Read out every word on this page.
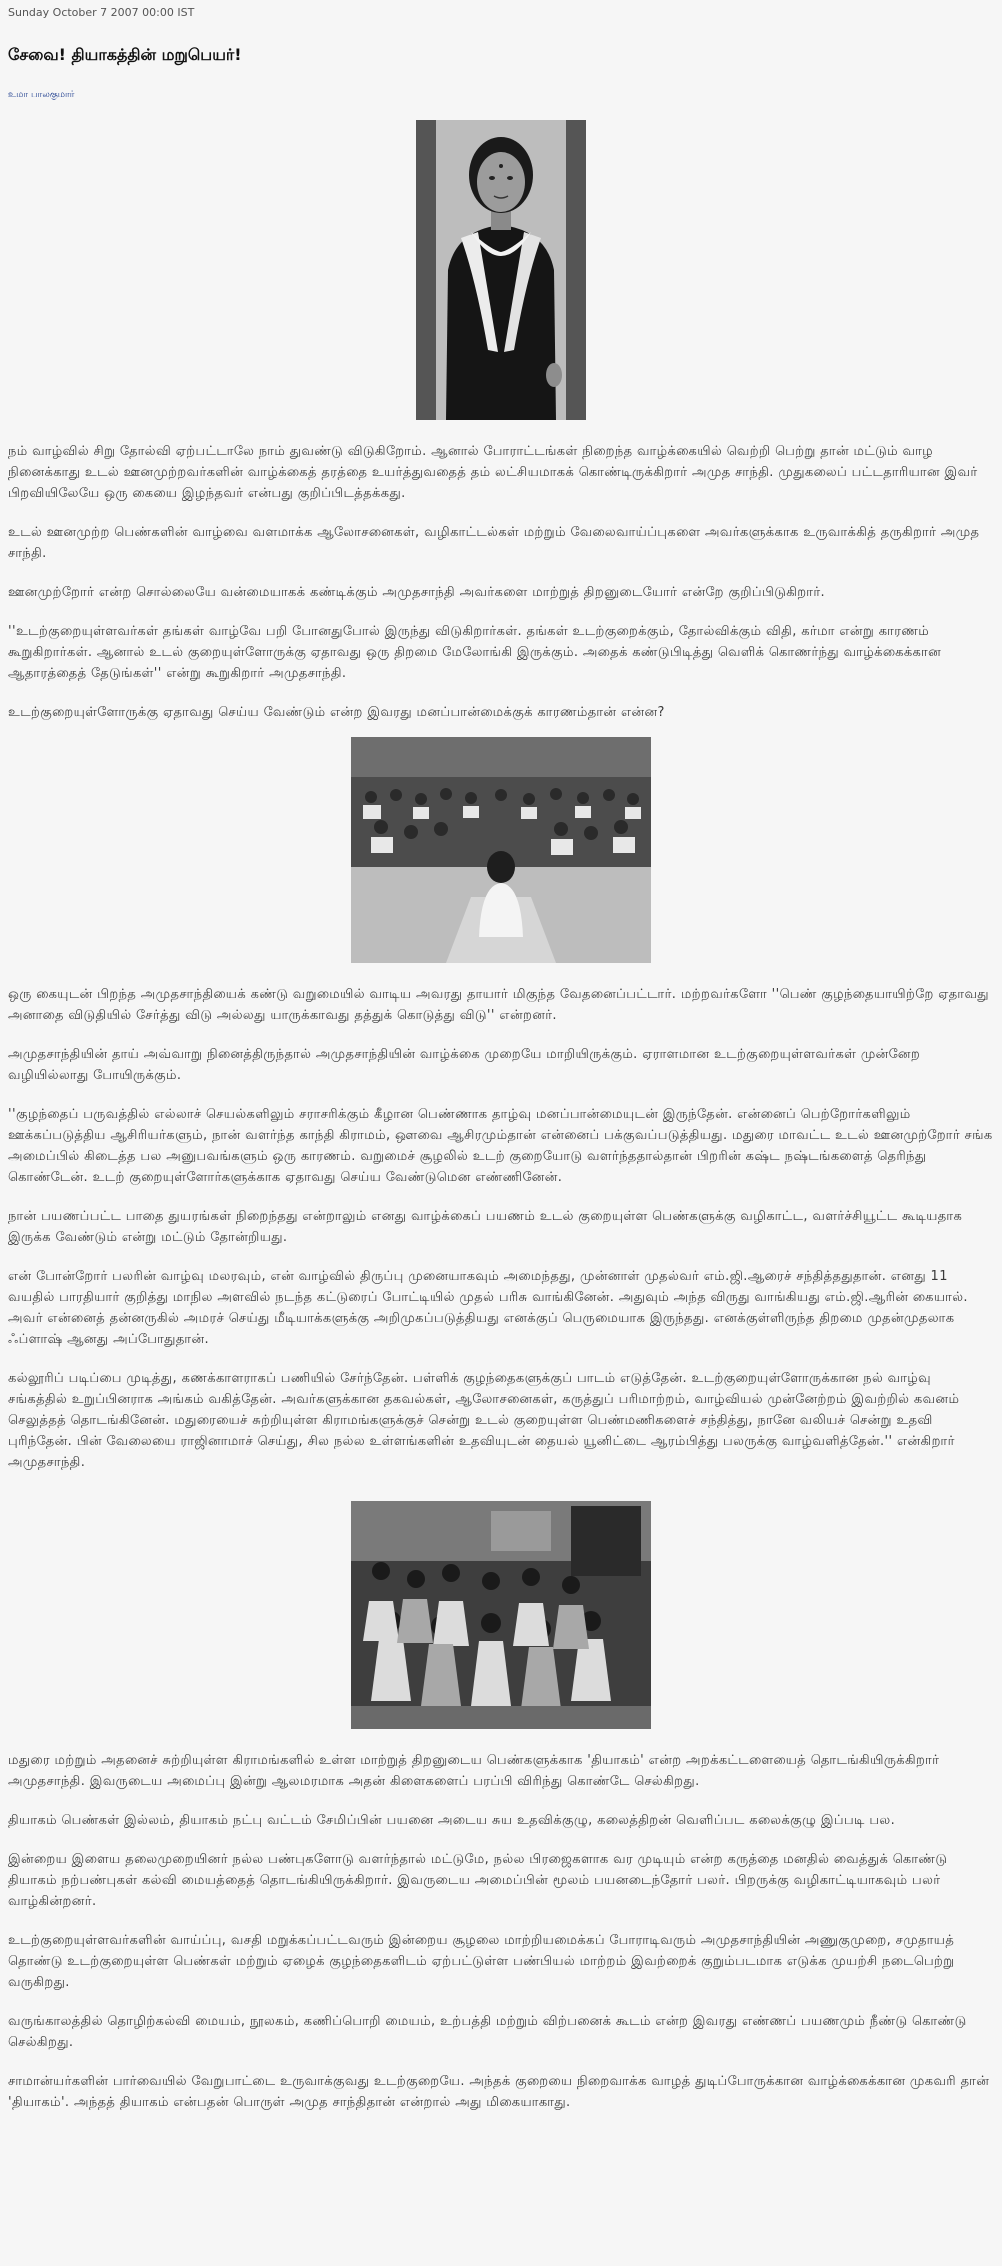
Sunday October 7 2007 00:00 IST
சேவை! தியாகத்தின் மறுபெயர்!
உமா பாலகுமார்

நம் வாழ்வில் சிறு தோல்வி ஏற்பட்டாலே நாம் துவண்டு விடுகிறோம். ஆனால் போராட்டங்கள் நிறைந்த வாழ்க்கையில் வெற்றி பெற்று தான் மட்டும் வாழ நினைக்காது உடல் ஊனமுற்றவர்களின் வாழ்க்கைத் தரத்தை உயர்த்துவதைத் தம் லட்சியமாகக் கொண்டிருக்கிறார் அமுத சாந்தி. முதுகலைப் பட்டதாரியான இவர் பிறவியிலேயே ஒரு கையை இழந்தவர் என்பது குறிப்பிடத்தக்கது.

உடல் ஊனமுற்ற பெண்களின் வாழ்வை வளமாக்க ஆலோசனைகள், வழிகாட்டல்கள் மற்றும் வேலைவாய்ப்புகளை அவர்களுக்காக உருவாக்கித் தருகிறார் அமுத சாந்தி.

ஊனமுற்றோர் என்ற சொல்லையே வன்மையாகக் கண்டிக்கும் அமுதசாந்தி அவர்களை மாற்றுத் திறனுடையோர் என்றே குறிப்பிடுகிறார்.

''உடற்குறையுள்ளவர்கள் தங்கள் வாழ்வே பறி போனதுபோல் இருந்து விடுகிறார்கள். தங்கள் உடற்குறைக்கும், தோல்விக்கும் விதி, கர்மா என்று காரணம் கூறுகிறார்கள். ஆனால் உடல் குறையுள்ளோருக்கு ஏதாவது ஒரு திறமை மேலோங்கி இருக்கும். அதைக் கண்டுபிடித்து வெளிக் கொணர்ந்து வாழ்க்கைக்கான ஆதாரத்தைத் தேடுங்கள்'' என்று கூறுகிறார் அமுதசாந்தி.

உடற்குறையுள்ளோருக்கு ஏதாவது செய்ய வேண்டும் என்ற இவரது மனப்பான்மைக்குக் காரணம்தான் என்ன?

ஒரு கையுடன் பிறந்த அமுதசாந்தியைக் கண்டு வறுமையில் வாடிய அவரது தாயார் மிகுந்த வேதனைப்பட்டார். மற்றவர்களோ ''பெண் குழந்தையாயிற்றே ஏதாவது அனாதை விடுதியில் சேர்த்து விடு அல்லது யாருக்காவது தத்துக் கொடுத்து விடு'' என்றனர்.

அமுதசாந்தியின் தாய் அவ்வாறு நினைத்திருந்தால் அமுதசாந்தியின் வாழ்க்கை முறையே மாறியிருக்கும். ஏராளமான உடற்குறையுள்ளவர்கள் முன்னேற வழியில்லாது போயிருக்கும்.

''குழந்தைப் பருவத்தில் எல்லாச் செயல்களிலும் சராசரிக்கும் கீழான பெண்ணாக தாழ்வு மனப்பான்மையுடன் இருந்தேன். என்னைப் பெற்றோர்களிலும் ஊக்கப்படுத்திய ஆசிரியர்களும், நான் வளர்ந்த காந்தி கிராமம், ஔவை ஆசிரமும்தான் என்னைப் பக்குவப்படுத்தியது. மதுரை மாவட்ட உடல் ஊனமுற்றோர் சங்க அமைப்பில் கிடைத்த பல அனுபவங்களும் ஒரு காரணம். வறுமைச் சூழலில் உடற் குறையோடு வளர்ந்ததால்தான் பிறரின் கஷ்ட நஷ்டங்களைத் தெரிந்து கொண்டேன். உடற் குறையுள்ளோர்களுக்காக ஏதாவது செய்ய வேண்டுமென எண்ணினேன்.

நான் பயணப்பட்ட பாதை துயரங்கள் நிறைந்தது என்றாலும் எனது வாழ்க்கைப் பயணம் உடல் குறையுள்ள பெண்களுக்கு வழிகாட்ட, வளர்ச்சியூட்ட கூடியதாக இருக்க வேண்டும் என்று மட்டும் தோன்றியது.

என் போன்றோர் பலரின் வாழ்வு மலரவும், என் வாழ்வில் திருப்பு முனையாகவும் அமைந்தது, முன்னாள் முதல்வர் எம்.ஜி.ஆரைச் சந்தித்ததுதான். எனது 11 வயதில் பாரதியார் குறித்து மாநில அளவில் நடந்த கட்டுரைப் போட்டியில் முதல் பரிசு வாங்கினேன். அதுவும் அந்த விருது வாங்கியது எம்.ஜி.ஆரின் கையால். அவர் என்னைத் தன்னருகில் அமரச் செய்து மீடியாக்களுக்கு அறிமுகப்படுத்தியது எனக்குப் பெருமையாக இருந்தது. எனக்குள்ளிருந்த திறமை முதன்முதலாக ஃப்ளாஷ் ஆனது அப்போதுதான்.

கல்லூரிப் படிப்பை முடித்து, கணக்காளராகப் பணியில் சேர்ந்தேன். பள்ளிக் குழந்தைகளுக்குப் பாடம் எடுத்தேன். உடற்குறையுள்ளோருக்கான நல் வாழ்வு சங்கத்தில் உறுப்பினராக அங்கம் வகித்தேன். அவர்களுக்கான தகவல்கள், ஆலோசனைகள், கருத்துப் பரிமாற்றம், வாழ்வியல் முன்னேற்றம் இவற்றில் கவனம் செலுத்தத் தொடங்கினேன். மதுரையைச் சுற்றியுள்ள கிராமங்களுக்குச் சென்று உடல் குறையுள்ள பெண்மணிகளைச் சந்தித்து, நானே வலியச் சென்று உதவி புரிந்தேன். பின் வேலையை ராஜினாமாச் செய்து, சில நல்ல உள்ளங்களின் உதவியுடன் தையல் யூனிட்டை ஆரம்பித்து பலருக்கு வாழ்வளித்தேன்.'' என்கிறார் அமுதசாந்தி.

மதுரை மற்றும் அதனைச் சுற்றியுள்ள கிராமங்களில் உள்ள மாற்றுத் திறனுடைய பெண்களுக்காக 'தியாகம்' என்ற அறக்கட்டளையைத் தொடங்கியிருக்கிறார் அமுதசாந்தி. இவருடைய அமைப்பு இன்று ஆலமரமாக அதன் கிளைகளைப் பரப்பி விரிந்து கொண்டே செல்கிறது.

தியாகம் பெண்கள் இல்லம், தியாகம் நட்பு வட்டம் சேமிப்பின் பயனை அடைய சுய உதவிக்குழு, கலைத்திறன் வெளிப்பட கலைக்குழு இப்படி பல.

இன்றைய இளைய தலைமுறையினர் நல்ல பண்புகளோடு வளர்ந்தால் மட்டுமே, நல்ல பிரஜைகளாக வர முடியும் என்ற கருத்தை மனதில் வைத்துக் கொண்டு தியாகம் நற்பண்புகள் கல்வி மையத்தைத் தொடங்கியிருக்கிறார். இவருடைய அமைப்பின் மூலம் பயனடைந்தோர் பலர். பிறருக்கு வழிகாட்டியாகவும் பலர் வாழ்கின்றனர்.

உடற்குறையுள்ளவர்களின் வாய்ப்பு, வசதி மறுக்கப்பட்டவரும் இன்றைய சூழலை மாற்றியமைக்கப் போராடிவரும் அமுதசாந்தியின் அணுகுமுறை, சமுதாயத் தொண்டு உடற்குறையுள்ள பெண்கள் மற்றும் ஏழைக் குழந்தைகளிடம் ஏற்பட்டுள்ள பண்பியல் மாற்றம் இவற்றைக் குறும்படமாக எடுக்க முயற்சி நடைபெற்று வருகிறது.

வருங்காலத்தில் தொழிற்கல்வி மையம், நூலகம், கணிப்பொறி மையம், உற்பத்தி மற்றும் விற்பனைக் கூடம் என்ற இவரது எண்ணப் பயணமும் நீண்டு கொண்டு செல்கிறது.

சாமான்யர்களின் பார்வையில் வேறுபாட்டை உருவாக்குவது உடற்குறையே. அந்தக் குறையை நிறைவாக்க வாழத் துடிப்போருக்கான வாழ்க்கைக்கான முகவரி தான் 'தியாகம்'. அந்தத் தியாகம் என்பதன் பொருள் அமுத சாந்திதான் என்றால் அது மிகையாகாது.
